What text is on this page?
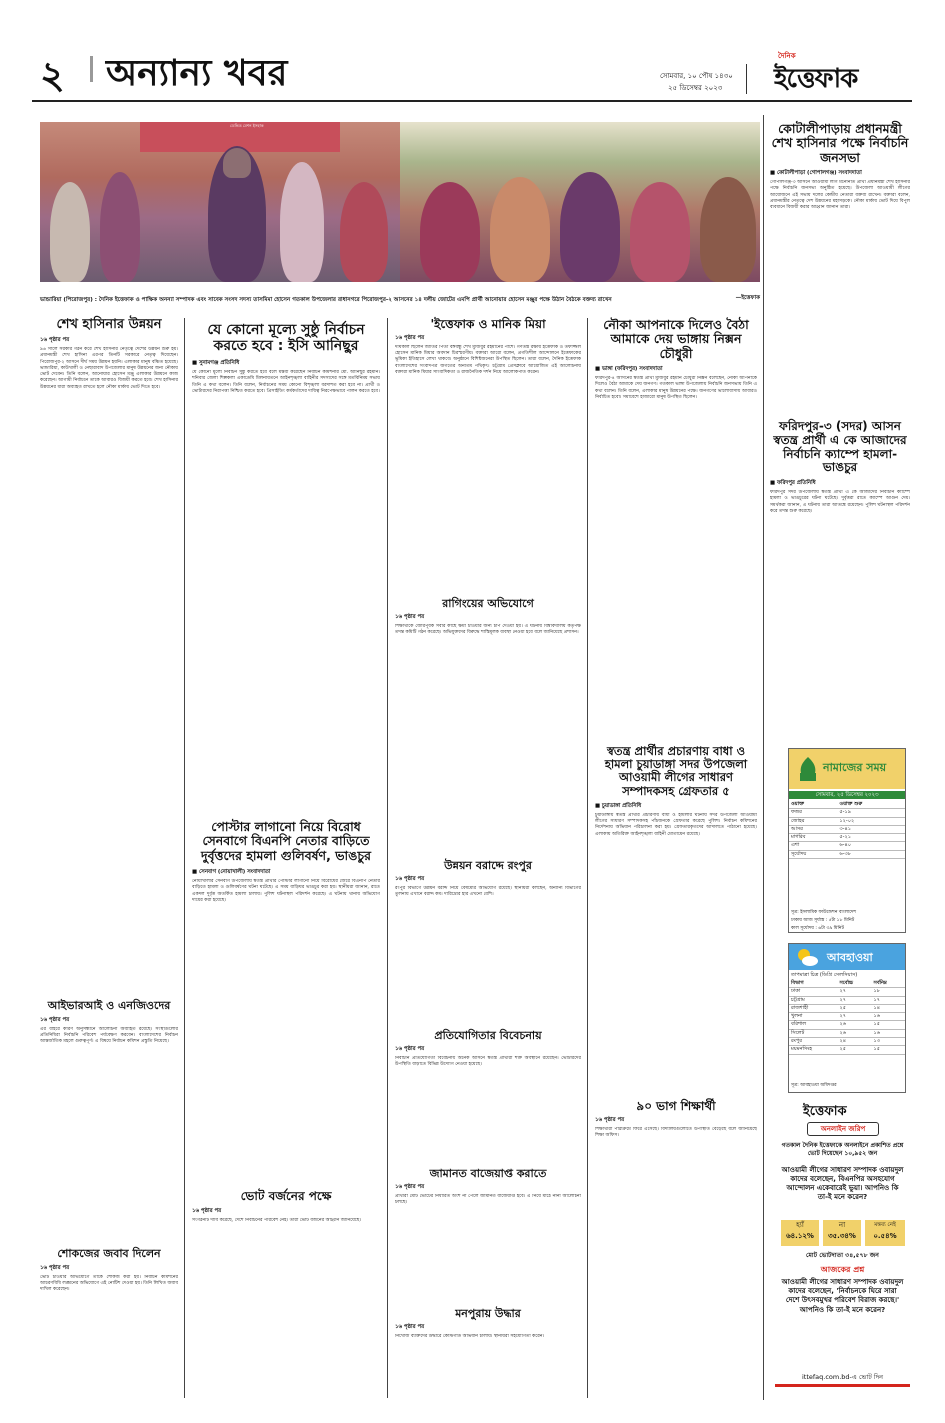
২ অন্যান্য খবর	সোমবার, ১০ পৌষ ১৪৩০
২৫ ডিসেম্বর ২০২৩
দৈনিক
ইত্তেফাক
ডেভিড মেশন ইসহাক
ভান্ডারিয়া (পিরোজপুর) : দৈনিক ইত্তেফাক ও পাক্ষিক অনন্যা সম্পাদক এবং সাবেক সংসদ সদস্য তাসমিমা হোসেন গতকাল উপজেলার রাধানগরে পিরোজপুর-২ আসনের ১৪ দলীয় জোটের এমপি প্রার্থী আনোয়ার হোসেন মঞ্জুর পক্ষে উঠান বৈঠকে বক্তব্য রাখেন	—ইত্তেফাক
শেখ হাসিনার উন্নয়ন
১৬ পৃষ্ঠার পর
৯৬ সালে সরকার গঠন করে শেখ হাসিনার নেতৃত্বে দেশের উন্নয়ন শুরু হয়। প্রধানমন্ত্রী শেখ হাসিনা এরপর তিনটি সরকারে নেতৃত্ব দিয়েছেন। পিরোজপুর-২ আসনে দীর্ঘ সময় উন্নয়ন হয়নি। এলাকার মানুষ বঞ্চিত হয়েছে। ভান্ডারিয়া, কাউখালী ও নেছারাবাদ উপজেলার মানুষ উন্নয়নের জন্য নৌকায় ভোট দেবেন। তিনি বলেন, আনোয়ার হোসেন মঞ্জু এলাকার উন্নয়নে কাজ করেছেন। আগামী নির্বাচনে তাকে আবারও বিজয়ী করতে হবে। শেখ হাসিনার উন্নয়নের ধারা অব্যাহত রাখতে হলে নৌকা মার্কায় ভোট দিতে হবে।
আইভারআই ও এনজিওদের
১৬ পৃষ্ঠার পর
এর বাইরে কারণ অনুসন্ধানে আলোচনা অব্যাহত রয়েছে। সংস্থাগুলোর প্রতিনিধিরা নির্বাচনি পরিবেশ পর্যবেক্ষণ করবেন। বাংলাদেশের নির্বাচন আন্তর্জাতিক মহলে গুরুত্বপূর্ণ। এ বিষয়ে নির্বাচন কমিশন প্রস্তুতি নিয়েছে।
শোকজের জবাব দিলেন
১৬ পৃষ্ঠার পর
ভোট চাওয়ার অভিযোগে তাকে শোকজ করা হয়। নির্বাচন কমিশনের আচরণবিধি লঙ্ঘনের অভিযোগে এই নোটিশ দেওয়া হয়। তিনি লিখিত জবাব দাখিল করেছেন।
যে কোনো মূল্যে সুষ্ঠু নির্বাচন করতে হবে : ইসি আনিছুর
■ সুনামগঞ্জ প্রতিনিধি
যে কোনো মূল্যে নির্বাচন সুষ্ঠু করতে হবে বলে মন্তব্য করেছেন নির্বাচন কমিশনার মো. আনিছুর রহমান। শনিবার জেলা শিল্পকলা একাডেমি মিলনায়তনে আইনশৃঙ্খলা বাহিনীর সদস্যদের সঙ্গে মতবিনিময় সভায় তিনি এ কথা বলেন। তিনি বলেন, নির্বাচনের সময় কোনো বিশৃঙ্খলা বরদাশত করা হবে না। প্রার্থী ও ভোটারদের নিরাপত্তা নিশ্চিত করতে হবে। প্রিসাইডিং কর্মকর্তাদের দায়িত্ব নিরপেক্ষভাবে পালন করতে হবে।
পোস্টার লাগানো নিয়ে বিরোধ সেনবাগে বিএনপি নেতার বাড়িতে দুর্বৃত্তদের হামলা গুলিবর্ষণ, ভাঙচুর
■ সেনবাগ (নোয়াখালী) সংবাদদাতা
নোয়াখালীর সেনবাগ উপজেলায় স্বতন্ত্র প্রার্থীর পোস্টার লাগানো নিয়ে বিরোধের জেরে বিএনপি নেতার বাড়িতে হামলা ও গুলিবর্ষণের ঘটনা ঘটেছে। এ সময় বাড়িঘর ভাঙচুর করা হয়। স্থানীয়রা জানান, রাতে একদল দুর্বৃত্ত অতর্কিত হামলা চালায়। পুলিশ ঘটনাস্থল পরিদর্শন করেছে। এ ঘটনায় থানায় অভিযোগ দায়ের করা হয়েছে।
ভোট বর্জনের পক্ষে
১৬ পৃষ্ঠার পর
সংগঠনটি দাবি করেছে, দেশে নির্বাচনের পরিবেশ নেই। তারা ভোট বর্জনের আহ্বান জানিয়েছে।
'ইত্তেফাক ও মানিক মিয়া
১৬ পৃষ্ঠার পর
দীর্ঘকাল ছিলেন জাতির পিতা বঙ্গবন্ধু শেখ মুজিবুর রহমানের পাশে। গণতন্ত্র রক্ষায় ইত্তেফাক ও তফাজ্জল হোসেন মানিক মিয়ার অবদান চিরস্মরণীয়। বক্তারা আরো বলেন, প্রগতিশীল আন্দোলনে ইত্তেফাকের ভূমিকা ইতিহাসে লেখা থাকবে। অনুষ্ঠানে বিশিষ্টজনেরা উপস্থিত ছিলেন। তারা বলেন, দৈনিক ইত্তেফাক বাংলাদেশের সংবাদপত্র জগতের অন্যতম পথিকৃৎ। চট্টগ্রাম প্রেসক্লাবে আয়োজিত এই আলোচনায় বক্তারা মানিক মিয়ার সাংবাদিকতা ও রাজনৈতিক দর্শন নিয়ে আলোকপাত করেন।
রাগিংয়ের অভিযোগে
১৬ পৃষ্ঠার পর
শিক্ষার্থীকে জোরপূর্বক সবার কাছে ক্ষমা চাওয়ার জন্য চাপ দেওয়া হয়। এ ঘটনায় বিশ্ববিদ্যালয় কর্তৃপক্ষ তদন্ত কমিটি গঠন করেছে। অভিযুক্তদের বিরুদ্ধে শাস্তিমূলক ব্যবস্থা নেওয়া হবে বলে জানিয়েছে প্রশাসন।
উন্নয়ন বরাদ্দে রংপুর
১৬ পৃষ্ঠার পর
রংপুর বিভাগে উন্নয়ন বরাদ্দ নিয়ে বৈষম্যের অভিযোগ রয়েছে। স্থানীয়রা বলছেন, অন্যান্য বিভাগের তুলনায় এখানে বরাদ্দ কম। দারিদ্র্যের হার এখনো বেশি।
প্রতিযোগিতার বিবেচনায়
১৬ পৃষ্ঠার পর
নির্বাচনি প্রতিযোগিতা বিবেচনায় অনেক আসনে স্বতন্ত্র প্রার্থীরা শক্ত অবস্থানে রয়েছেন। ভোটারদের উপস্থিতি বাড়াতে বিভিন্ন উদ্যোগ নেওয়া হয়েছে।
জামানত বাজেয়াপ্ত করাতে
১৬ পৃষ্ঠার পর
প্রার্থীরা মোট ভোটের নির্ধারিত অংশ না পেলে জামানত বাজেয়াপ্ত হবে। এ নিয়ে মাঠে নানা আলোচনা চলছে।
মনপুরায় উদ্ধার
১৬ পৃষ্ঠার পর
নিখোঁজ ব্যক্তিদের উদ্ধারে কোস্টগার্ড অভিযান চালায়। স্থানীয়রা সহযোগিতা করেন।
নৌকা আপনাকে দিলেও বৈঠা আমাকে দেয় ভাঙ্গায় নিক্সন চৌধুরী
■ ভাঙ্গা (ফরিদপুর) সংবাদদাতা
ফরিদপুর-৪ আসনের স্বতন্ত্র প্রার্থী মুজিবুর রহমান চৌধুরী নিক্সন বলেছেন, নৌকা আপনাকে দিলেও বৈঠা আমাকে দেয় জনগণ। গতকাল ভাঙ্গা উপজেলায় নির্বাচনি জনসভায় তিনি এ কথা বলেন। তিনি বলেন, এলাকার মানুষ উন্নয়নের পক্ষে। জনগণের ভালোবাসায় আবারও নির্বাচিত হবো। সমাবেশে হাজারো মানুষ উপস্থিত ছিলেন।
স্বতন্ত্র প্রার্থীর প্রচারণায় বাধা ও হামলা চুয়াডাঙ্গা সদর উপজেলা আওয়ামী লীগের সাধারণ সম্পাদকসহ গ্রেফতার ৫
■ চুয়াডাঙ্গা প্রতিনিধি
চুয়াডাঙ্গায় স্বতন্ত্র প্রার্থীর প্রচারণায় বাধা ও হামলার ঘটনায় সদর উপজেলা আওয়ামী লীগের সাধারণ সম্পাদকসহ পাঁচজনকে গ্রেফতার করেছে পুলিশ। নির্বাচন কমিশনের নির্দেশনায় অভিযান পরিচালনা করা হয়। গ্রেফতারকৃতদের আদালতে পাঠানো হয়েছে। এলাকায় অতিরিক্ত আইনশৃঙ্খলা বাহিনী মোতায়েন রয়েছে।
৯০ ভাগ শিক্ষার্থী
১৬ পৃষ্ঠার পর
শিক্ষার্থীরা পাঠ্যক্রমে ফিরে এসেছে। বিদ্যালয়গুলোতে উপস্থিতি বেড়েছে বলে জানিয়েছে শিক্ষা অফিস।
কোটালীপাড়ায় প্রধানমন্ত্রী শেখ হাসিনার পক্ষে নির্বাচনি জনসভা
■ কোটালীপাড়া (গোপালগঞ্জ) সংবাদদাতা
গোপালগঞ্জ-৩ আসনে আওয়ামী লীগ মনোনীত প্রার্থী প্রধানমন্ত্রী শেখ হাসিনার পক্ষে নির্বাচনি জনসভা অনুষ্ঠিত হয়েছে। উপজেলা আওয়ামী লীগের আয়োজনে এই সভায় দলের কেন্দ্রীয় নেতারা বক্তব্য রাখেন। বক্তারা বলেন, প্রধানমন্ত্রীর নেতৃত্বে দেশ উন্নয়নের মহাসড়কে। নৌকা মার্কায় ভোট দিয়ে বিপুল ব্যবধানে বিজয়ী করার আহ্বান জানান তারা।
ফরিদপুর-৩ (সদর) আসন স্বতন্ত্র প্রার্থী এ কে আজাদের নির্বাচনি ক্যাম্পে হামলা-ভাঙচুর
■ ফরিদপুর প্রতিনিধি
ফরিদপুর সদর উপজেলায় স্বতন্ত্র প্রার্থী এ কে আজাদের নির্বাচনি ক্যাম্পে হামলা ও ভাঙচুরের ঘটনা ঘটেছে। দুর্বৃত্তরা রাতে ক্যাম্পে আগুন দেয়। সমর্থকরা জানান, এ ঘটনায় তারা আতঙ্কে রয়েছেন। পুলিশ ঘটনাস্থল পরিদর্শন করে তদন্ত শুরু করেছে।
নামাজের সময়
সোমবার, ২৫ ডিসেম্বর ২০২৩
ওয়াক্ত	ওয়াক্ত শুরু
ফজর	৫-১৯
জোহর	১২-০২
আসর	৩-৪১
মাগরিব	৫-২১
এশা	৬-৪০
সূর্যোদয়	৬-৩৮
সূত্র: ইসলামিক ফাউন্ডেশন বাংলাদেশ
ঢাকায় আজ সূর্যাস্ত : ৫টা ১৮ মিনিট
কাল সূর্যোদয় : ৬টা ৩৯ মিনিট
আবহাওয়া
তাপমাত্রা চিত্র (ডিগ্রি সেলসিয়াস)
বিভাগ	সর্বোচ্চ	সর্বনিম্ন
ঢাকা	২৭	১৮
চট্টগ্রাম	২৭	১৭
রাজশাহী	২৫	১৪
খুলনা	২৭	১৬
বরিশাল	২৬	১৫
সিলেট	২৬	১৬
রংপুর	২৪	১৩
ময়মনসিংহ	২৫	১৫
সূত্র: আবহাওয়া অধিদপ্তর
ইত্তেফাক
অনলাইন জরিপ
গতকাল দৈনিক ইত্তেফাকে অনলাইনে প্রকাশিত প্রশ্নে ভোট দিয়েছেন ১০,৯৫২ জন
আওয়ামী লীগের সাধারণ সম্পাদক ওবায়দুল কাদের বলেছেন, বিএনপির অসহযোগ আন্দোলন একেবারেই ভুয়া। আপনিও কি তা-ই মনে করেন?
হ্যাঁ
৬৪.১২%
না
৩৫.৩৪%
মন্তব্য নেই
০.৫৪%
মোট ভোটদাতা ৩৪,৫৭৮ জন
আজকের প্রশ্ন
আওয়ামী লীগের সাধারণ সম্পাদক ওবায়দুল কাদের বলেছেন, 'নির্বাচনকে ঘিরে সারা দেশে উৎসবমুখর পরিবেশ বিরাজ করছে।' আপনিও কি তা-ই মনে করেন?
ittefaq.com.bd-এ ভোট দিন
